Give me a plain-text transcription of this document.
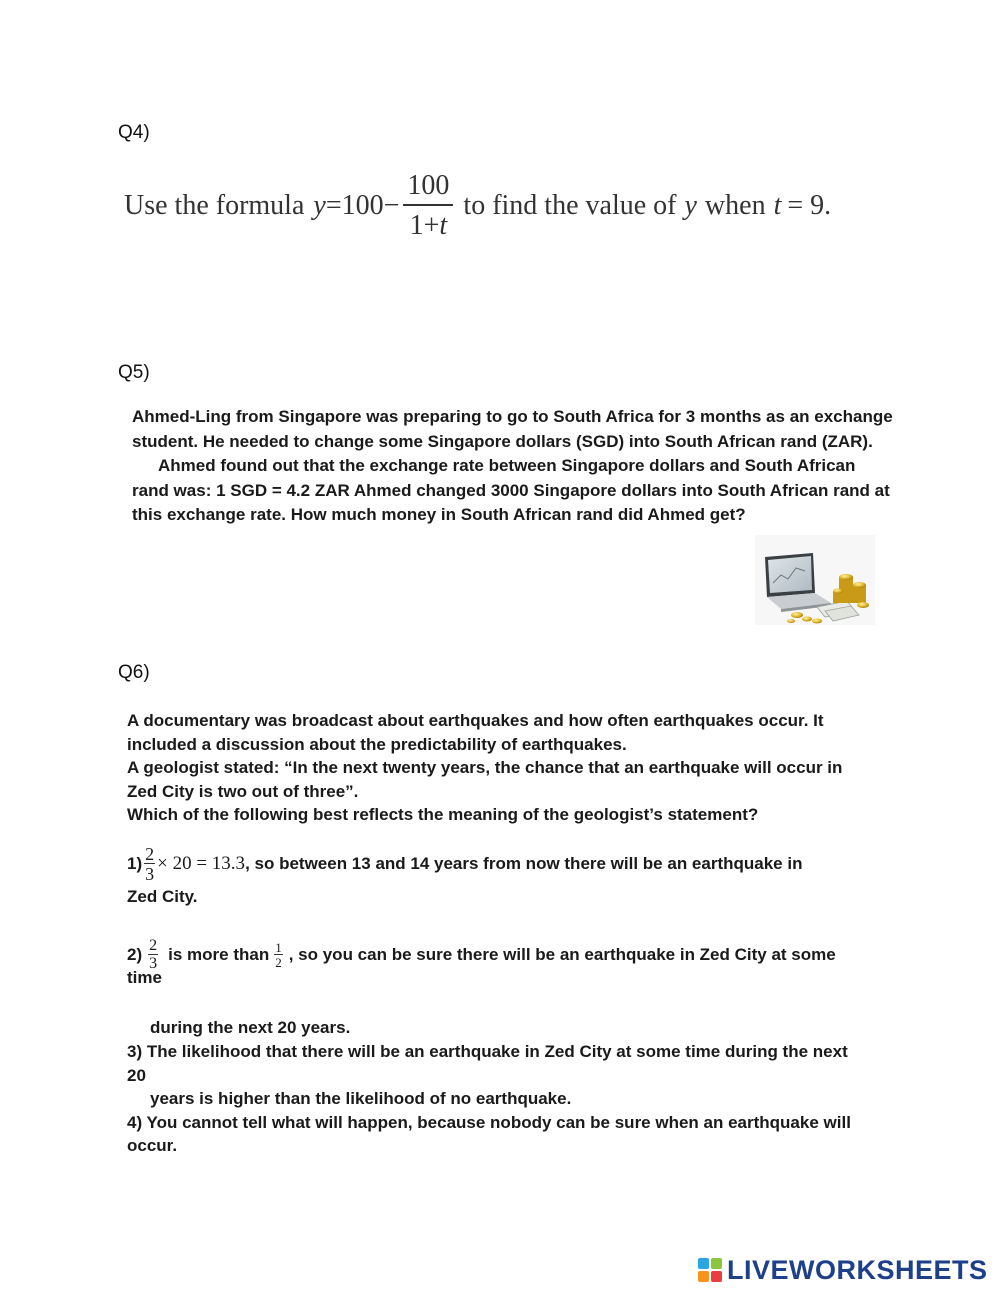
Q4)
Use the formula $y =100- \frac{100}{1+t}$ to find the value of y when t = 9.
Q5)
Ahmed-Ling from Singapore was preparing to go to South Africa for 3 months as an exchange
student. He needed to change some Singapore dollars (SGD) into South African rand (ZAR).
Ahmed found out that the exchange rate between Singapore dollars and South African
rand was: 1 SGD = 4.2 ZAR Ahmed changed 3000 Singapore dollars into South African rand at
this exchange rate. How much money in South African rand did Ahmed get?
Q6)
A documentary was broadcast about earthquakes and how often earthquakes occur. It
included a discussion about the predictability of earthquakes.
A geologist stated: “In the next twenty years, the chance that an earthquake will occur in
Zed City is two out of three”.
Which of the following best reflects the meaning of the geologist’s statement?
$1) \frac{2}{3} \times 20 = 13.3$ , so between 13 and 14 years from now there will be an earthquake in
Zed City.
$2) \frac{2}{3}$ is more than $\frac{1}{2}$ , so you can be sure there will be an earthquake in Zed City at some
time
during the next 20 years.
3) The likelihood that there will be an earthquake in Zed City at some time during the next
20
years is higher than the likelihood of no earthquake.
4) You cannot tell what will happen, because nobody can be sure when an earthquake will
occur.
LIVEWORKSHEETS
